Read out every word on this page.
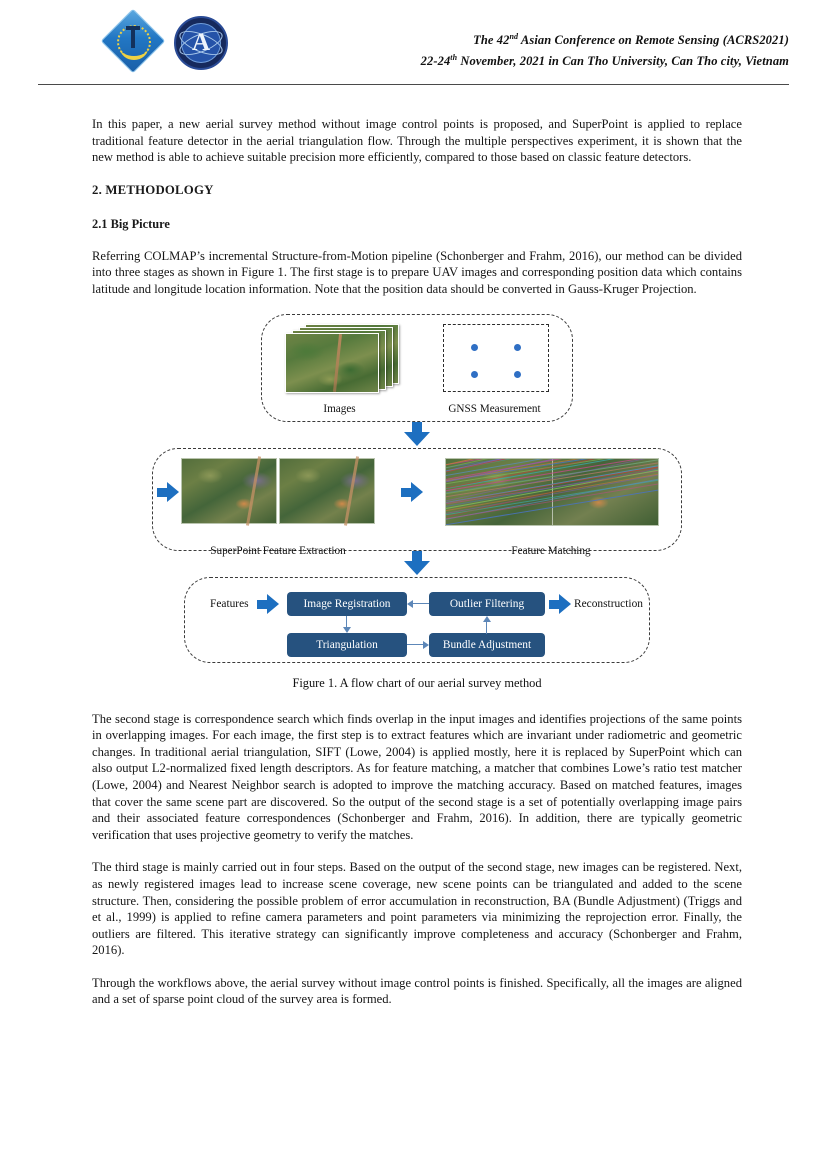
A	The 42nd Asian Conference on Remote Sensing (ACRS2021)
22-24th November, 2021 in Can Tho University, Can Tho city, Vietnam

In this paper, a new aerial survey method without image control points is proposed, and SuperPoint is applied to replace traditional feature detector in the aerial triangulation flow. Through the multiple perspectives experiment, it is shown that the new method is able to achieve suitable precision more efficiently, compared to those based on classic feature detectors.

2. METHODOLOGY
2.1 Big Picture

Referring COLMAP’s incremental Structure-from-Motion pipeline (Schonberger and Frahm, 2016), our method can be divided into three stages as shown in Figure 1. The first stage is to prepare UAV images and corresponding position data which contains latitude and longitude location information. Note that the position data should be converted in Gauss-Kruger Projection.

Images	GNSS Measurement
SuperPoint Feature Extraction	Feature Matching
Features	Image Registration	Outlier Filtering
Triangulation	Bundle Adjustment
Reconstruction
Figure 1. A flow chart of our aerial survey method

The second stage is correspondence search which finds overlap in the input images and identifies projections of the same points in overlapping images. For each image, the first step is to extract features which are invariant under radiometric and geometric changes. In traditional aerial triangulation, SIFT (Lowe, 2004) is applied mostly, here it is replaced by SuperPoint which can also output L2-normalized fixed length descriptors. As for feature matching, a matcher that combines Lowe’s ratio test matcher (Lowe, 2004) and Nearest Neighbor search is adopted to improve the matching accuracy. Based on matched features, images that cover the same scene part are discovered. So the output of the second stage is a set of potentially overlapping image pairs and their associated feature correspondences (Schonberger and Frahm, 2016). In addition, there are typically geometric verification that uses projective geometry to verify the matches.

The third stage is mainly carried out in four steps. Based on the output of the second stage, new images can be registered. Next, as newly registered images lead to increase scene coverage, new scene points can be triangulated and added to the scene structure. Then, considering the possible problem of error accumulation in reconstruction, BA (Bundle Adjustment) (Triggs and et al., 1999) is applied to refine camera parameters and point parameters via minimizing the reprojection error. Finally, the outliers are filtered. This iterative strategy can significantly improve completeness and accuracy (Schonberger and Frahm, 2016).

Through the workflows above, the aerial survey without image control points is finished. Specifically, all the images are aligned and a set of sparse point cloud of the survey area is formed.
